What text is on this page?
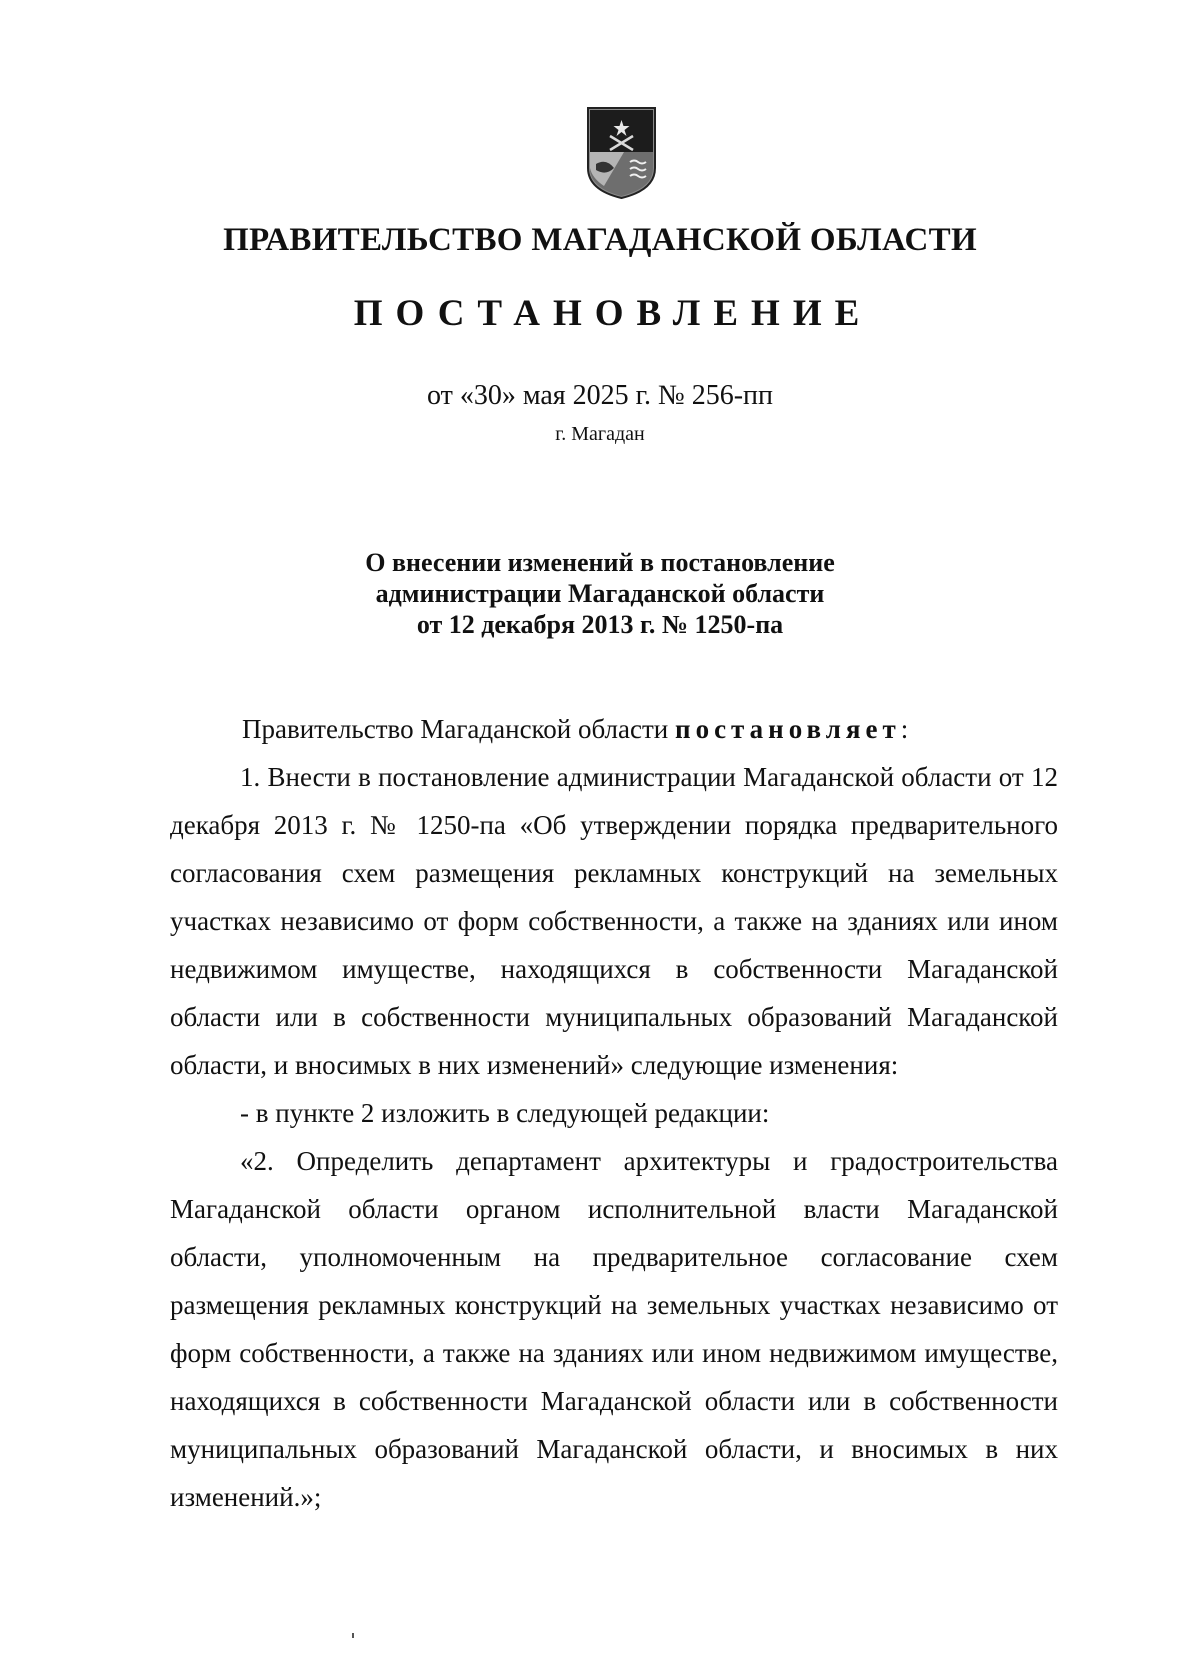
ПРАВИТЕЛЬСТВО МАГАДАНСКОЙ ОБЛАСТИ
ПОСТАНОВЛЕНИЕ
от «30» мая 2025 г. № 256-пп
г. Магадан
О внесении изменений в постановление
администрации Магаданской области
от 12 декабря 2013 г. № 1250-па

Правительство Магаданской области постановляет:

1. Внести в постановление администрации Магаданской области от 12 декабря 2013 г. № 1250-па «Об утверждении порядка предварительного согласования схем размещения рекламных конструкций на земельных участках независимо от форм собственности, а также на зданиях или ином недвижимом имуществе, находящихся в собственности Магаданской области или в собственности муниципальных образований Магаданской области, и вносимых в них изменений» следующие изменения:

- в пункте 2 изложить в следующей редакции:

«2. Определить департамент архитектуры и градостроительства Магаданской области органом исполнительной власти Магаданской области, уполномоченным на предварительное согласование схем размещения рекламных конструкций на земельных участках независимо от форм собственности, а также на зданиях или ином недвижимом имуществе, находящихся в собственности Магаданской области или в собственности муниципальных образований Магаданской области, и вносимых в них изменений.»;
